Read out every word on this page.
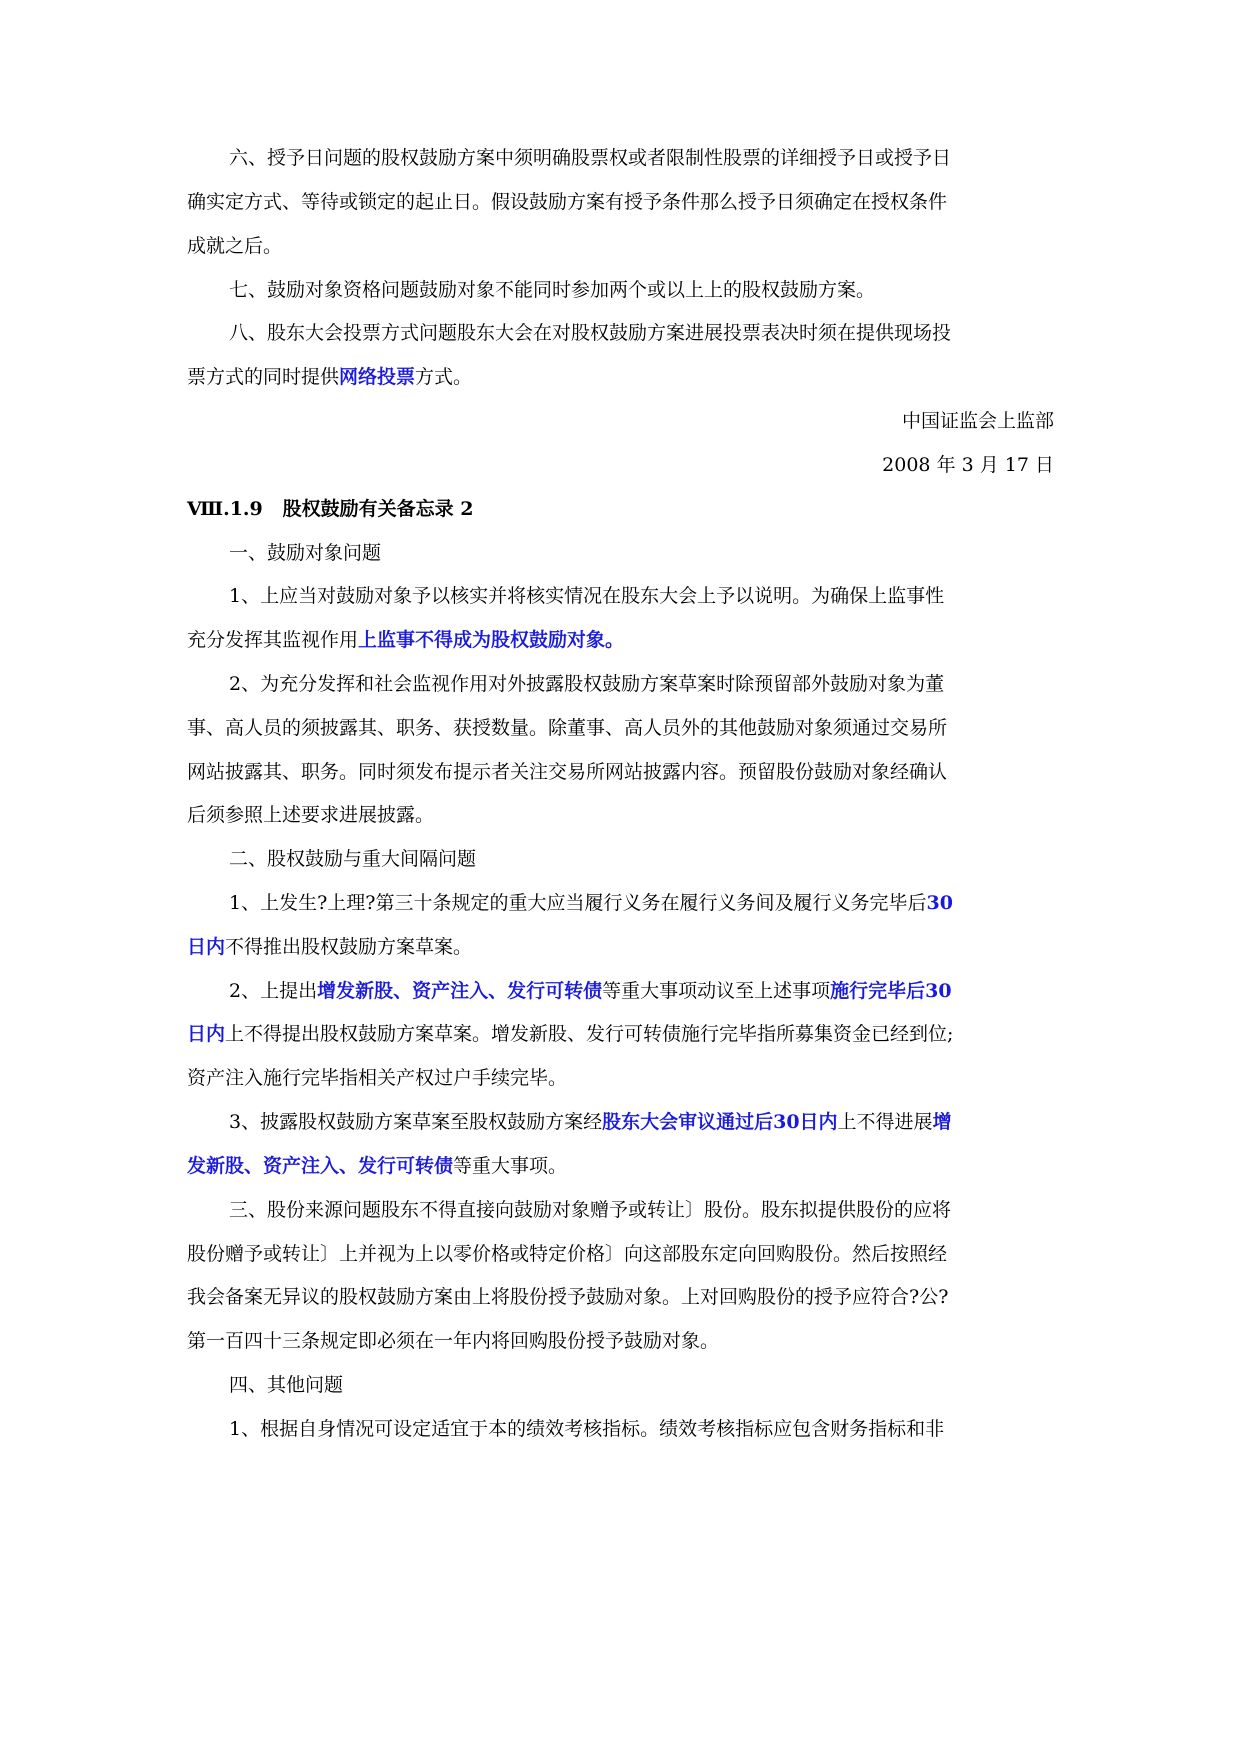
六、授予日问题的股权鼓励方案中须明确股票权或者限制性股票的详细授予日或授予日

确实定方式、等待或锁定的起止日。假设鼓励方案有授予条件那么授予日须确定在授权条件

成就之后。

七、鼓励对象资格问题鼓励对象不能同时参加两个或以上上的股权鼓励方案。

八、股东大会投票方式问题股东大会在对股权鼓励方案进展投票表决时须在提供现场投

票方式的同时提供网络投票方式。

中国证监会上监部

2008 年 3 月 17 日

Ⅷ.1.9 股权鼓励有关备忘录 2

一、鼓励对象问题

1、上应当对鼓励对象予以核实并将核实情况在股东大会上予以说明。为确保上监事性

充分发挥其监视作用上监事不得成为股权鼓励对象。

2、为充分发挥和社会监视作用对外披露股权鼓励方案草案时除预留部外鼓励对象为董

事、高人员的须披露其、职务、获授数量。除董事、高人员外的其他鼓励对象须通过交易所

网站披露其、职务。同时须发布提示者关注交易所网站披露内容。预留股份鼓励对象经确认

后须参照上述要求进展披露。

二、股权鼓励与重大间隔问题

1、上发生?上理?第三十条规定的重大应当履行义务在履行义务间及履行义务完毕后30

日内不得推出股权鼓励方案草案。

2、上提出增发新股、资产注入、发行可转债等重大事项动议至上述事项施行完毕后30

日内上不得提出股权鼓励方案草案。增发新股、发行可转债施行完毕指所募集资金已经到位;

资产注入施行完毕指相关产权过户手续完毕。

3、披露股权鼓励方案草案至股权鼓励方案经股东大会审议通过后30日内上不得进展增

发新股、资产注入、发行可转债等重大事项。

三、股份来源问题股东不得直接向鼓励对象赠予或转让〕股份。股东拟提供股份的应将

股份赠予或转让〕上并视为上以零价格或特定价格〕向这部股东定向回购股份。然后按照经

我会备案无异议的股权鼓励方案由上将股份授予鼓励对象。上对回购股份的授予应符合?公?

第一百四十三条规定即必须在一年内将回购股份授予鼓励对象。

四、其他问题

1、根据自身情况可设定适宜于本的绩效考核指标。绩效考核指标应包含财务指标和非
